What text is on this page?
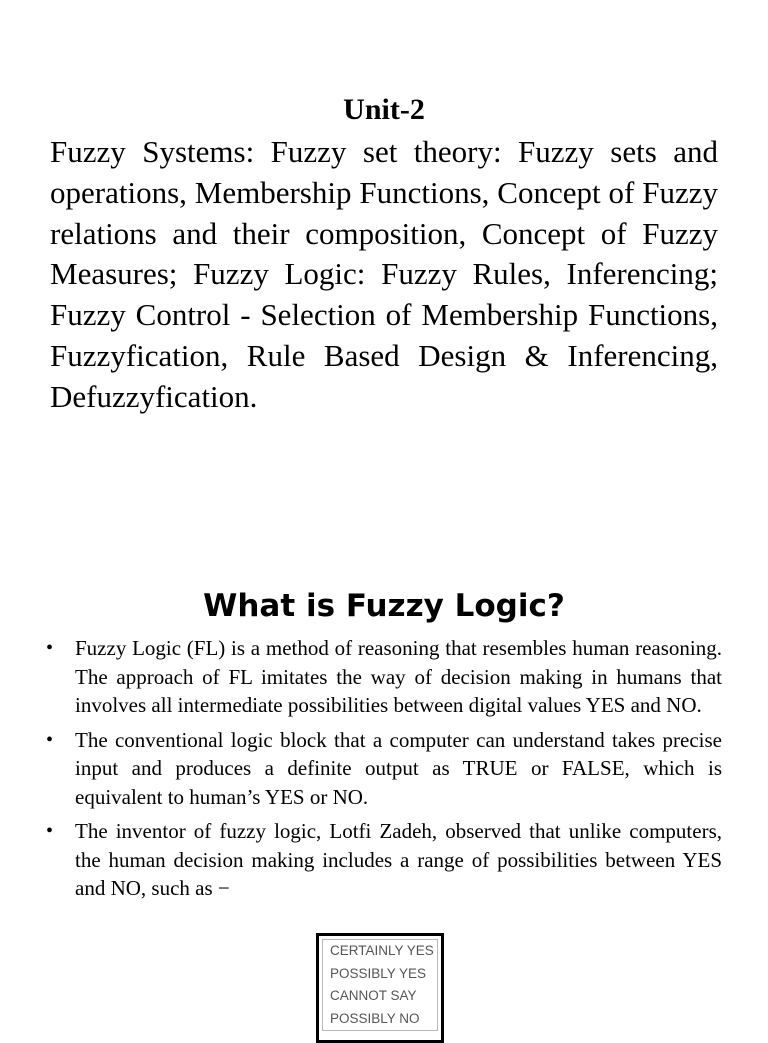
Unit-2

Fuzzy Systems: Fuzzy set theory: Fuzzy sets and operations, Membership Functions, Concept of Fuzzy relations and their composition, Concept of Fuzzy Measures; Fuzzy Logic: Fuzzy Rules, Inferencing; Fuzzy Control - Selection of Membership Functions, Fuzzyfication, Rule Based Design & Inferencing, Defuzzyfication.

What is Fuzzy Logic?
• Fuzzy Logic (FL) is a method of reasoning that resembles human reasoning. The approach of FL imitates the way of decision making in humans that involves all intermediate possibilities between digital values YES and NO.
• The conventional logic block that a computer can understand takes precise input and produces a definite output as TRUE or FALSE, which is equivalent to human’s YES or NO.
• The inventor of fuzzy logic, Lotfi Zadeh, observed that unlike computers, the human decision making includes a range of possibilities between YES and NO, such as −
CERTAINLY YES
POSSIBLY YES
CANNOT SAY
POSSIBLY NO
